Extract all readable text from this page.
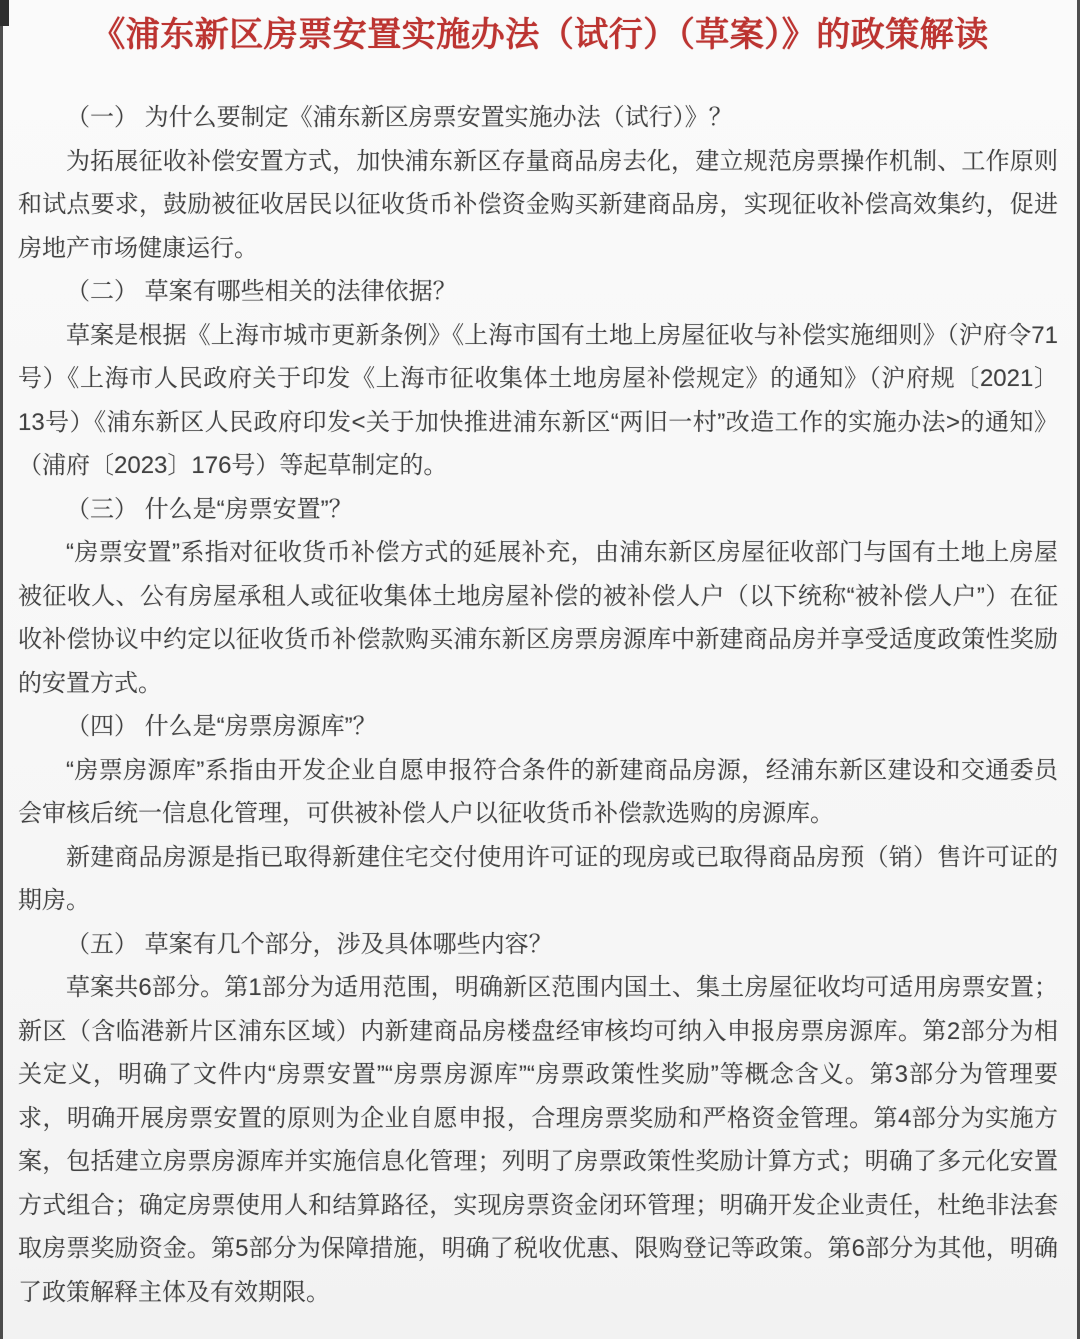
《浦东新区房票安置实施办法（试行）（草案）》的政策解读

（一） 为什么要制定《浦东新区房票安置实施办法（试行）》？

为拓展征收补偿安置方式，加快浦东新区存量商品房去化，建立规范房票操作机制、工作原则和试点要求，鼓励被征收居民以征收货币补偿资金购买新建商品房，实现征收补偿高效集约，促进房地产市场健康运行。

（二） 草案有哪些相关的法律依据？

草案是根据《上海市城市更新条例》《上海市国有土地上房屋征收与补偿实施细则》（沪府令71号）《上海市人民政府关于印发《上海市征收集体土地房屋补偿规定》的通知》（沪府规〔2021〕13号）《浦东新区人民政府印发<关于加快推进浦东新区“两旧一村”改造工作的实施办法>的通知》（浦府〔2023〕176号）等起草制定的。

（三） 什么是“房票安置”？

“房票安置”系指对征收货币补偿方式的延展补充，由浦东新区房屋征收部门与国有土地上房屋被征收人、公有房屋承租人或征收集体土地房屋补偿的被补偿人户（以下统称“被补偿人户”）在征收补偿协议中约定以征收货币补偿款购买浦东新区房票房源库中新建商品房并享受适度政策性奖励的安置方式。

（四） 什么是“房票房源库”？

“房票房源库”系指由开发企业自愿申报符合条件的新建商品房源，经浦东新区建设和交通委员会审核后统一信息化管理，可供被补偿人户以征收货币补偿款选购的房源库。

新建商品房源是指已取得新建住宅交付使用许可证的现房或已取得商品房预（销）售许可证的期房。

（五） 草案有几个部分，涉及具体哪些内容？

草案共6部分。第1部分为适用范围，明确新区范围内国土、集土房屋征收均可适用房票安置；新区（含临港新片区浦东区域）内新建商品房楼盘经审核均可纳入申报房票房源库。第2部分为相关定义，明确了文件内“房票安置”“房票房源库”“房票政策性奖励”等概念含义。第3部分为管理要求，明确开展房票安置的原则为企业自愿申报，合理房票奖励和严格资金管理。第4部分为实施方案，包括建立房票房源库并实施信息化管理；列明了房票政策性奖励计算方式；明确了多元化安置方式组合；确定房票使用人和结算路径，实现房票资金闭环管理；明确开发企业责任，杜绝非法套取房票奖励资金。第5部分为保障措施，明确了税收优惠、限购登记等政策。第6部分为其他，明确了政策解释主体及有效期限。
